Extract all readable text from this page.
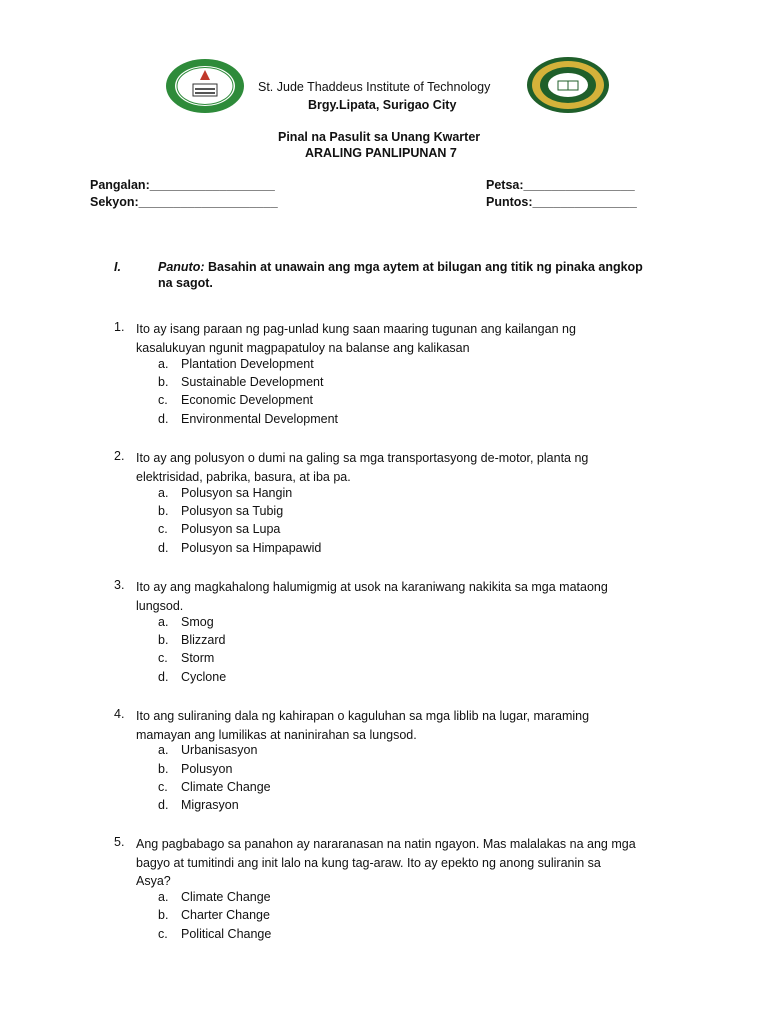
St. Jude Thaddeus Institute of Technology
Brgy.Lipata, Surigao City
Pinal na Pasulit sa Unang Kwarter
ARALING PANLIPUNAN 7
Pangalan:__________________
Sekyon:____________________
Petsa:________________
Puntos:_______________
I.	Panuto: Basahin at unawain ang mga aytem at bilugan ang titik ng pinaka angkop
na sagot.
1. Ito ay isang paraan ng pag-unlad kung saan maaring tugunan ang kailangan ng
kasalukuyan ngunit magpapatuloy na balanse ang kalikasan
a. Plantation Development
b. Sustainable Development
c. Economic Development
d. Environmental Development
2. Ito ay ang polusyon o dumi na galing sa mga transportasyong de-motor, planta ng
elektrisidad, pabrika, basura, at iba pa.
a. Polusyon sa Hangin
b. Polusyon sa Tubig
c. Polusyon sa Lupa
d. Polusyon sa Himpapawid
3. Ito ay ang magkahalong halumigmig at usok na karaniwang nakikita sa mga mataong
lungsod.
a. Smog
b. Blizzard
c. Storm
d. Cyclone
4. Ito ang suliraning dala ng kahirapan o kaguluhan sa mga liblib na lugar, maraming
mamayan ang lumilikas at naninirahan sa lungsod.
a. Urbanisasyon
b. Polusyon
c. Climate Change
d. Migrasyon
5. Ang pagbabago sa panahon ay nararanasan na natin ngayon. Mas malalakas na ang mga
bagyo at tumitindi ang init lalo na kung tag-araw. Ito ay epekto ng anong suliranin sa
Asya?
a. Climate Change
b. Charter Change
c. Political Change
